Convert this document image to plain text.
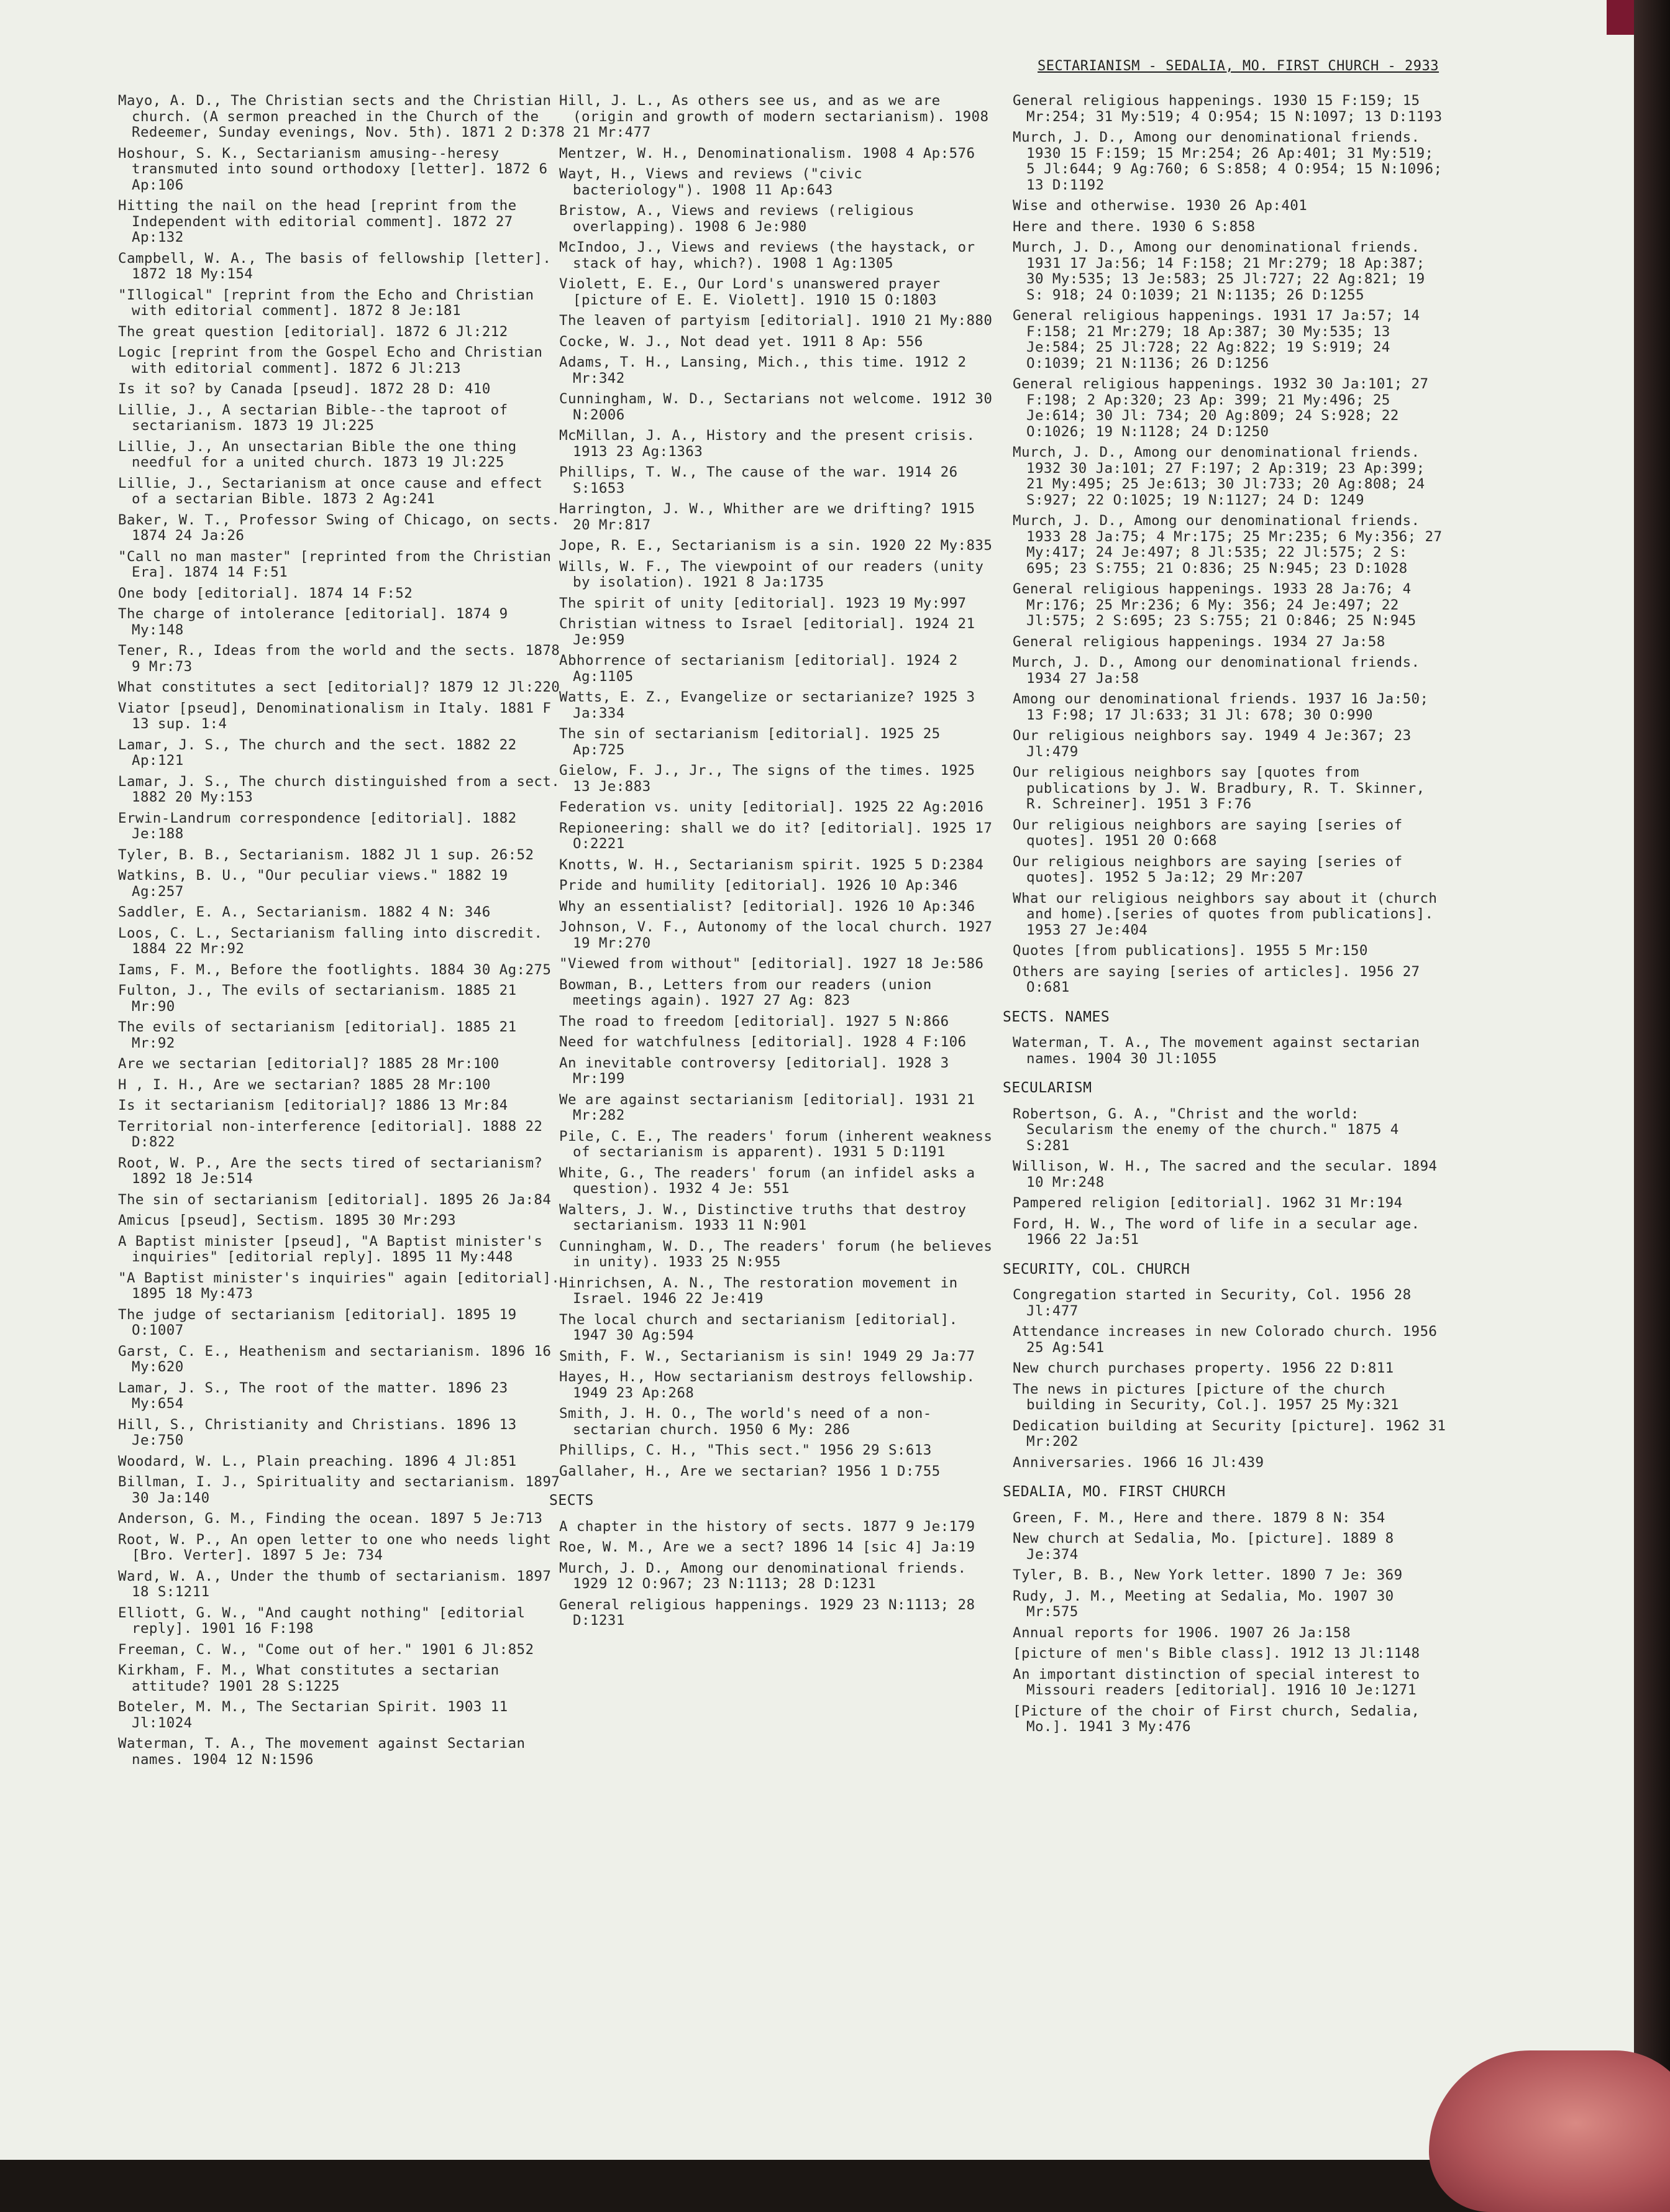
SECTARIANISM - SEDALIA, MO. FIRST CHURCH - 2933
Mayo, A. D., The Christian sects and the Christian church. (A sermon preached in the Church of the Redeemer, Sunday evenings, Nov. 5th). 1871 2 D:378
Hoshour, S. K., Sectarianism amusing--heresy transmuted into sound orthodoxy [letter]. 1872 6 Ap:106
Hitting the nail on the head [reprint from the Independent with editorial comment]. 1872 27 Ap:132
Campbell, W. A., The basis of fellowship [letter]. 1872 18 My:154
"Illogical" [reprint from the Echo and Christian with editorial comment]. 1872 8 Je:181
The great question [editorial]. 1872 6 Jl:212
Logic [reprint from the Gospel Echo and Christian with editorial comment]. 1872 6 Jl:213
Is it so? by Canada [pseud]. 1872 28 D: 410
Lillie, J., A sectarian Bible--the taproot of sectarianism. 1873 19 Jl:225
Lillie, J., An unsectarian Bible the one thing needful for a united church. 1873 19 Jl:225
Lillie, J., Sectarianism at once cause and effect of a sectarian Bible. 1873 2 Ag:241
Baker, W. T., Professor Swing of Chicago, on sects. 1874 24 Ja:26
"Call no man master" [reprinted from the Christian Era]. 1874 14 F:51
One body [editorial]. 1874 14 F:52
The charge of intolerance [editorial]. 1874 9 My:148
Tener, R., Ideas from the world and the sects. 1878 9 Mr:73
What constitutes a sect [editorial]? 1879 12 Jl:220
Viator [pseud], Denominationalism in Italy. 1881 F 13 sup. 1:4
Lamar, J. S., The church and the sect. 1882 22 Ap:121
Lamar, J. S., The church distinguished from a sect. 1882 20 My:153
Erwin-Landrum correspondence [editorial]. 1882 Je:188
Tyler, B. B., Sectarianism. 1882 Jl 1 sup. 26:52
Watkins, B. U., "Our peculiar views." 1882 19 Ag:257
Saddler, E. A., Sectarianism. 1882 4 N: 346
Loos, C. L., Sectarianism falling into discredit. 1884 22 Mr:92
Iams, F. M., Before the footlights. 1884 30 Ag:275
Fulton, J., The evils of sectarianism. 1885 21 Mr:90
The evils of sectarianism [editorial]. 1885 21 Mr:92
Are we sectarian [editorial]? 1885 28 Mr:100
H , I. H., Are we sectarian? 1885 28 Mr:100
Is it sectarianism [editorial]? 1886 13 Mr:84
Territorial non-interference [editorial]. 1888 22 D:822
Root, W. P., Are the sects tired of sectarianism? 1892 18 Je:514
The sin of sectarianism [editorial]. 1895 26 Ja:84
Amicus [pseud], Sectism. 1895 30 Mr:293
A Baptist minister [pseud], "A Baptist minister's inquiries" [editorial reply]. 1895 11 My:448
"A Baptist minister's inquiries" again [editorial]. 1895 18 My:473
The judge of sectarianism [editorial]. 1895 19 O:1007
Garst, C. E., Heathenism and sectarianism. 1896 16 My:620
Lamar, J. S., The root of the matter. 1896 23 My:654
Hill, S., Christianity and Christians. 1896 13 Je:750
Woodard, W. L., Plain preaching. 1896 4 Jl:851
Billman, I. J., Spirituality and sectarianism. 1897 30 Ja:140
Anderson, G. M., Finding the ocean. 1897 5 Je:713
Root, W. P., An open letter to one who needs light [Bro. Verter]. 1897 5 Je: 734
Ward, W. A., Under the thumb of sectarianism. 1897 18 S:1211
Elliott, G. W., "And caught nothing" [editorial reply]. 1901 16 F:198
Freeman, C. W., "Come out of her." 1901 6 Jl:852
Kirkham, F. M., What constitutes a sectarian attitude? 1901 28 S:1225
Boteler, M. M., The Sectarian Spirit. 1903 11 Jl:1024
Waterman, T. A., The movement against Sectarian names. 1904 12 N:1596
Hill, J. L., As others see us, and as we are (origin and growth of modern sectarianism). 1908 21 Mr:477
Mentzer, W. H., Denominationalism. 1908 4 Ap:576
Wayt, H., Views and reviews ("civic bacteriology"). 1908 11 Ap:643
Bristow, A., Views and reviews (religious overlapping). 1908 6 Je:980
McIndoo, J., Views and reviews (the haystack, or stack of hay, which?). 1908 1 Ag:1305
Violett, E. E., Our Lord's unanswered prayer [picture of E. E. Violett]. 1910 15 O:1803
The leaven of partyism [editorial]. 1910 21 My:880
Cocke, W. J., Not dead yet. 1911 8 Ap: 556
Adams, T. H., Lansing, Mich., this time. 1912 2 Mr:342
Cunningham, W. D., Sectarians not welcome. 1912 30 N:2006
McMillan, J. A., History and the present crisis. 1913 23 Ag:1363
Phillips, T. W., The cause of the war. 1914 26 S:1653
Harrington, J. W., Whither are we drifting? 1915 20 Mr:817
Jope, R. E., Sectarianism is a sin. 1920 22 My:835
Wills, W. F., The viewpoint of our readers (unity by isolation). 1921 8 Ja:1735
The spirit of unity [editorial]. 1923 19 My:997
Christian witness to Israel [editorial]. 1924 21 Je:959
Abhorrence of sectarianism [editorial]. 1924 2 Ag:1105
Watts, E. Z., Evangelize or sectarianize? 1925 3 Ja:334
The sin of sectarianism [editorial]. 1925 25 Ap:725
Gielow, F. J., Jr., The signs of the times. 1925 13 Je:883
Federation vs. unity [editorial]. 1925 22 Ag:2016
Repioneering: shall we do it? [editorial]. 1925 17 O:2221
Knotts, W. H., Sectarianism spirit. 1925 5 D:2384
Pride and humility [editorial]. 1926 10 Ap:346
Why an essentialist? [editorial]. 1926 10 Ap:346
Johnson, V. F., Autonomy of the local church. 1927 19 Mr:270
"Viewed from without" [editorial]. 1927 18 Je:586
Bowman, B., Letters from our readers (union meetings again). 1927 27 Ag: 823
The road to freedom [editorial]. 1927 5 N:866
Need for watchfulness [editorial]. 1928 4 F:106
An inevitable controversy [editorial]. 1928 3 Mr:199
We are against sectarianism [editorial]. 1931 21 Mr:282
Pile, C. E., The readers' forum (inherent weakness of sectarianism is apparent). 1931 5 D:1191
White, G., The readers' forum (an infidel asks a question). 1932 4 Je: 551
Walters, J. W., Distinctive truths that destroy sectarianism. 1933 11 N:901
Cunningham, W. D., The readers' forum (he believes in unity). 1933 25 N:955
Hinrichsen, A. N., The restoration movement in Israel. 1946 22 Je:419
The local church and sectarianism [editorial]. 1947 30 Ag:594
Smith, F. W., Sectarianism is sin! 1949 29 Ja:77
Hayes, H., How sectarianism destroys fellowship. 1949 23 Ap:268
Smith, J. H. O., The world's need of a non-sectarian church. 1950 6 My: 286
Phillips, C. H., "This sect." 1956 29 S:613
Gallaher, H., Are we sectarian? 1956 1 D:755
SECTS
A chapter in the history of sects. 1877 9 Je:179
Roe, W. M., Are we a sect? 1896 14 [sic 4] Ja:19
Murch, J. D., Among our denominational friends. 1929 12 O:967; 23 N:1113; 28 D:1231
General religious happenings. 1929 23 N:1113; 28 D:1231
General religious happenings. 1930 15 F:159; 15 Mr:254; 31 My:519; 4 O:954; 15 N:1097; 13 D:1193
Murch, J. D., Among our denominational friends. 1930 15 F:159; 15 Mr:254; 26 Ap:401; 31 My:519; 5 Jl:644; 9 Ag:760; 6 S:858; 4 O:954; 15 N:1096; 13 D:1192
Wise and otherwise. 1930 26 Ap:401
Here and there. 1930 6 S:858
Murch, J. D., Among our denominational friends. 1931 17 Ja:56; 14 F:158; 21 Mr:279; 18 Ap:387; 30 My:535; 13 Je:583; 25 Jl:727; 22 Ag:821; 19 S: 918; 24 O:1039; 21 N:1135; 26 D:1255
General religious happenings. 1931 17 Ja:57; 14 F:158; 21 Mr:279; 18 Ap:387; 30 My:535; 13 Je:584; 25 Jl:728; 22 Ag:822; 19 S:919; 24 O:1039; 21 N:1136; 26 D:1256
General religious happenings. 1932 30 Ja:101; 27 F:198; 2 Ap:320; 23 Ap: 399; 21 My:496; 25 Je:614; 30 Jl: 734; 20 Ag:809; 24 S:928; 22 O:1026; 19 N:1128; 24 D:1250
Murch, J. D., Among our denominational friends. 1932 30 Ja:101; 27 F:197; 2 Ap:319; 23 Ap:399; 21 My:495; 25 Je:613; 30 Jl:733; 20 Ag:808; 24 S:927; 22 O:1025; 19 N:1127; 24 D: 1249
Murch, J. D., Among our denominational friends. 1933 28 Ja:75; 4 Mr:175; 25 Mr:235; 6 My:356; 27 My:417; 24 Je:497; 8 Jl:535; 22 Jl:575; 2 S: 695; 23 S:755; 21 O:836; 25 N:945; 23 D:1028
General religious happenings. 1933 28 Ja:76; 4 Mr:176; 25 Mr:236; 6 My: 356; 24 Je:497; 22 Jl:575; 2 S:695; 23 S:755; 21 O:846; 25 N:945
General religious happenings. 1934 27 Ja:58
Murch, J. D., Among our denominational friends. 1934 27 Ja:58
Among our denominational friends. 1937 16 Ja:50; 13 F:98; 17 Jl:633; 31 Jl: 678; 30 O:990
Our religious neighbors say. 1949 4 Je:367; 23 Jl:479
Our religious neighbors say [quotes from publications by J. W. Bradbury, R. T. Skinner, R. Schreiner]. 1951 3 F:76
Our religious neighbors are saying [series of quotes]. 1951 20 O:668
Our religious neighbors are saying [series of quotes]. 1952 5 Ja:12; 29 Mr:207
What our religious neighbors say about it (church and home).[series of quotes from publications]. 1953 27 Je:404
Quotes [from publications]. 1955 5 Mr:150
Others are saying [series of articles]. 1956 27 O:681
SECTS. NAMES
Waterman, T. A., The movement against sectarian names. 1904 30 Jl:1055
SECULARISM
Robertson, G. A., "Christ and the world: Secularism the enemy of the church." 1875 4 S:281
Willison, W. H., The sacred and the secular. 1894 10 Mr:248
Pampered religion [editorial]. 1962 31 Mr:194
Ford, H. W., The word of life in a secular age. 1966 22 Ja:51
SECURITY, COL. CHURCH
Congregation started in Security, Col. 1956 28 Jl:477
Attendance increases in new Colorado church. 1956 25 Ag:541
New church purchases property. 1956 22 D:811
The news in pictures [picture of the church building in Security, Col.]. 1957 25 My:321
Dedication building at Security [picture]. 1962 31 Mr:202
Anniversaries. 1966 16 Jl:439
SEDALIA, MO. FIRST CHURCH
Green, F. M., Here and there. 1879 8 N: 354
New church at Sedalia, Mo. [picture]. 1889 8 Je:374
Tyler, B. B., New York letter. 1890 7 Je: 369
Rudy, J. M., Meeting at Sedalia, Mo. 1907 30 Mr:575
Annual reports for 1906. 1907 26 Ja:158
[picture of men's Bible class]. 1912 13 Jl:1148
An important distinction of special interest to Missouri readers [editorial]. 1916 10 Je:1271
[Picture of the choir of First church, Sedalia, Mo.]. 1941 3 My:476
